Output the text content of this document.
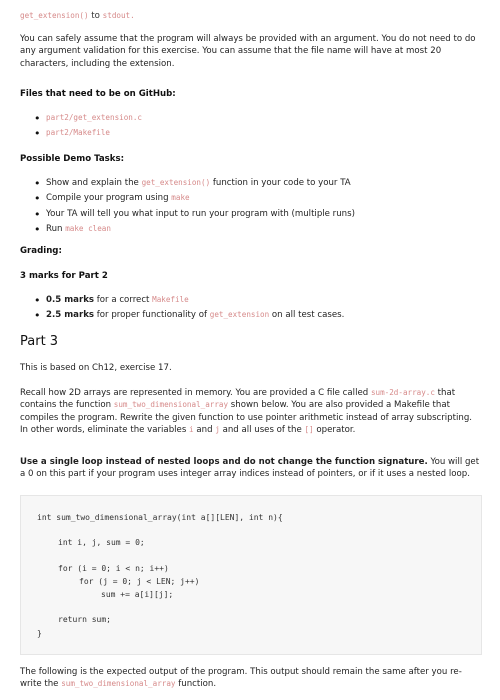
get_extension() to stdout.

You can safely assume that the program will always be provided with an argument. You do not need to do any argument validation for this exercise. You can assume that the file name will have at most 20 characters, including the extension.

Files that need to be on GitHub:

• part2/get_extension.c
• part2/Makefile

Possible Demo Tasks:

• Show and explain the get_extension() function in your code to your TA
• Compile your program using make
• Your TA will tell you what input to run your program with (multiple runs)
• Run make clean

Grading:

3 marks for Part 2

• 0.5 marks for a correct Makefile
• 2.5 marks for proper functionality of get_extension on all test cases.

Part 3

This is based on Ch12, exercise 17.

Recall how 2D arrays are represented in memory. You are provided a C file called sum-2d-array.c that contains the function sum_two_dimensional_array shown below. You are also provided a Makefile that compiles the program. Rewrite the given function to use pointer arithmetic instead of array subscripting. In other words, eliminate the variables i and j and all uses of the [] operator.

Use a single loop instead of nested loops and do not change the function signature. You will get a 0 on this part if your program uses integer array indices instead of pointers, or if it uses a nested loop.

int sum_two_dimensional_array(int a[][LEN], int n){
int i, j, sum = 0;
for (i = 0; i < n; i++)
for (j = 0; j < LEN; j++)
sum += a[i][j];
return sum;
}

The following is the expected output of the program. This output should remain the same after you re-write the sum_two_dimensional_array function.
